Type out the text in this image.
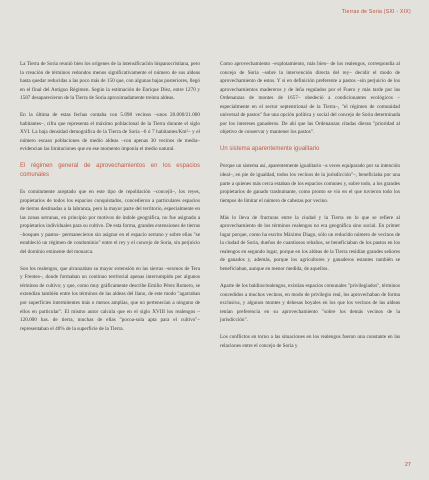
Tierras de Soria (SXI - XIX)

La Tierra de Soria reunió bien los orígenes de la intensificación hispanocristiana, pero la creación de términos redondos menos significativamente el número de sus aldeas hasta quedar reducidas a las poco más de 150 que, con algunas bajas posteriores, llegó en el final del Antiguo Régimen. Según la estimación de Enrique Díez, entre 1270 y 1587 desaparecieron de la Tierra de Soria aproximadamente treinta aldeas.

En la última de estas fechas contaba con 5.098 vecinos –unos 20.000/21.000 habitantes–, cifra que representa el máximo poblacional de la Tierra durante el siglo XVI. La baja densidad demográfica de la Tierra de Soria –6 ó 7 habitantes/Km²– y el número escaso poblaciones de medio aldeas –con apenas 30 vecinos de media– evidencian las limitaciones que en ese momento imponía el medio natural.

El régimen general de aprovechamientos en los espacios comunales

Es comúnmente aceptado que en este tipo de repoblación –concejil–, los reyes, propietarios de todos los espacios conquistados, concedieron a particulares espacios de tierras destinadas a la labranza, pero la mayor parte del territorio, especialmente en las zonas serranas, en principio por motivos de índole geográfica, no fue asignada a propietarios individuales para su cultivo. De esta forma, grandes extensiones de tierras –bosques y pastos– permanecieron sin asignar en el espacio serrano y sobre ellas "se estableció un régimen de condominio" entre el rey y el concejo de Soria, sin perjuicio del dominio eminente del monarca.

Son los realengos, que alcanzaban su mayor extensión en las sierras –sexmos de Tera y Frentes–, donde formaban un continuo territorial apenas interrumpido por algunos términos de cultivo; y que, como muy gráficamente describe Emilio Pérez Romero, se extendían también entre los términos de las aldeas del llano, de este modo "agarraban por superficies intermitentes más o menos amplias, que no pertenecían a ninguno de ellos en particular". El mismo autor calcula que en el siglo XVIII los realengos –120.000 has. de tierra, muchas de ellas "pocoa-sola apta para el cultivo"– representaban el 40% de la superficie de la Tierra.

Como aprovechamiento –explotamiento, más bien– de los realengos, correspondía al concejo de Soria –sobre la intervención directa del rey– decidir el modo de aprovechamiento de estos. Y si en definición preferente a pastos –sin perjuicio de los aprovechamientos madereros y de leña regulados por el Fuero y más tarde por las Ordenanzas de montes de 1657– obedeció a condicionantes ecológicos –especialmente en el sector septentrional de la Tierra–, "el régimen de comunidad universal de pastos" fue una opción política y social del concejo de Soria determinada por los intereses ganaderos. De ahí que las Ordenanzas citadas dieran "prioridad al objetivo de conservar y mantener los pastos".

Un sistema aparentemente igualitario

Porque un sistema así, aparentemente igualitario –a veces equiparado por su intención ideal–, en pie de igualdad, todos los vecinos de la jurisdicción"–, beneficiaba por una parte a quienes más cerca estaban de los espacios comunes y, sobre todo, a los grandes propietarios de ganado trashumante, como pronto se vio en el que tuvieron todo los tiempos de limitar el número de cabezas por vecino.

Más lo lleva de fracturas entre la ciudad y la Tierra en lo que se refiere al aprovechamiento de los términos realengos no era geográfica sino social. En primer lugar porque, como ha escrito Máximo Diago, sólo un reducido número de vecinos de la ciudad de Soria, dueños de cuantiosos rebaños, se beneficiaban de los pastos en los realengos en segundo lugar, porque en los aldeas de la Tierra residían grandes señores de ganados y, además, porque los agricultores y ganaderos estantes también se beneficiaban, aunque en menor medida, de aquellos.

Aparte de los baldíos/realengos, existían espacios comunales "privilegiados", términos concedidos a muchos vecinos, en modo de privilegio real, los aprovechaban de forma exclusiva, y algunos montes y dehesas boyales en los que los vecinos de las aldeas tenían preferencia en su aprovechamiento "sobre los demás vecinos de la jurisdicción".

Los conflictos en torno a las situaciones en los realengos fueron una constante en las relaciones entre el concejo de Soria y

27
